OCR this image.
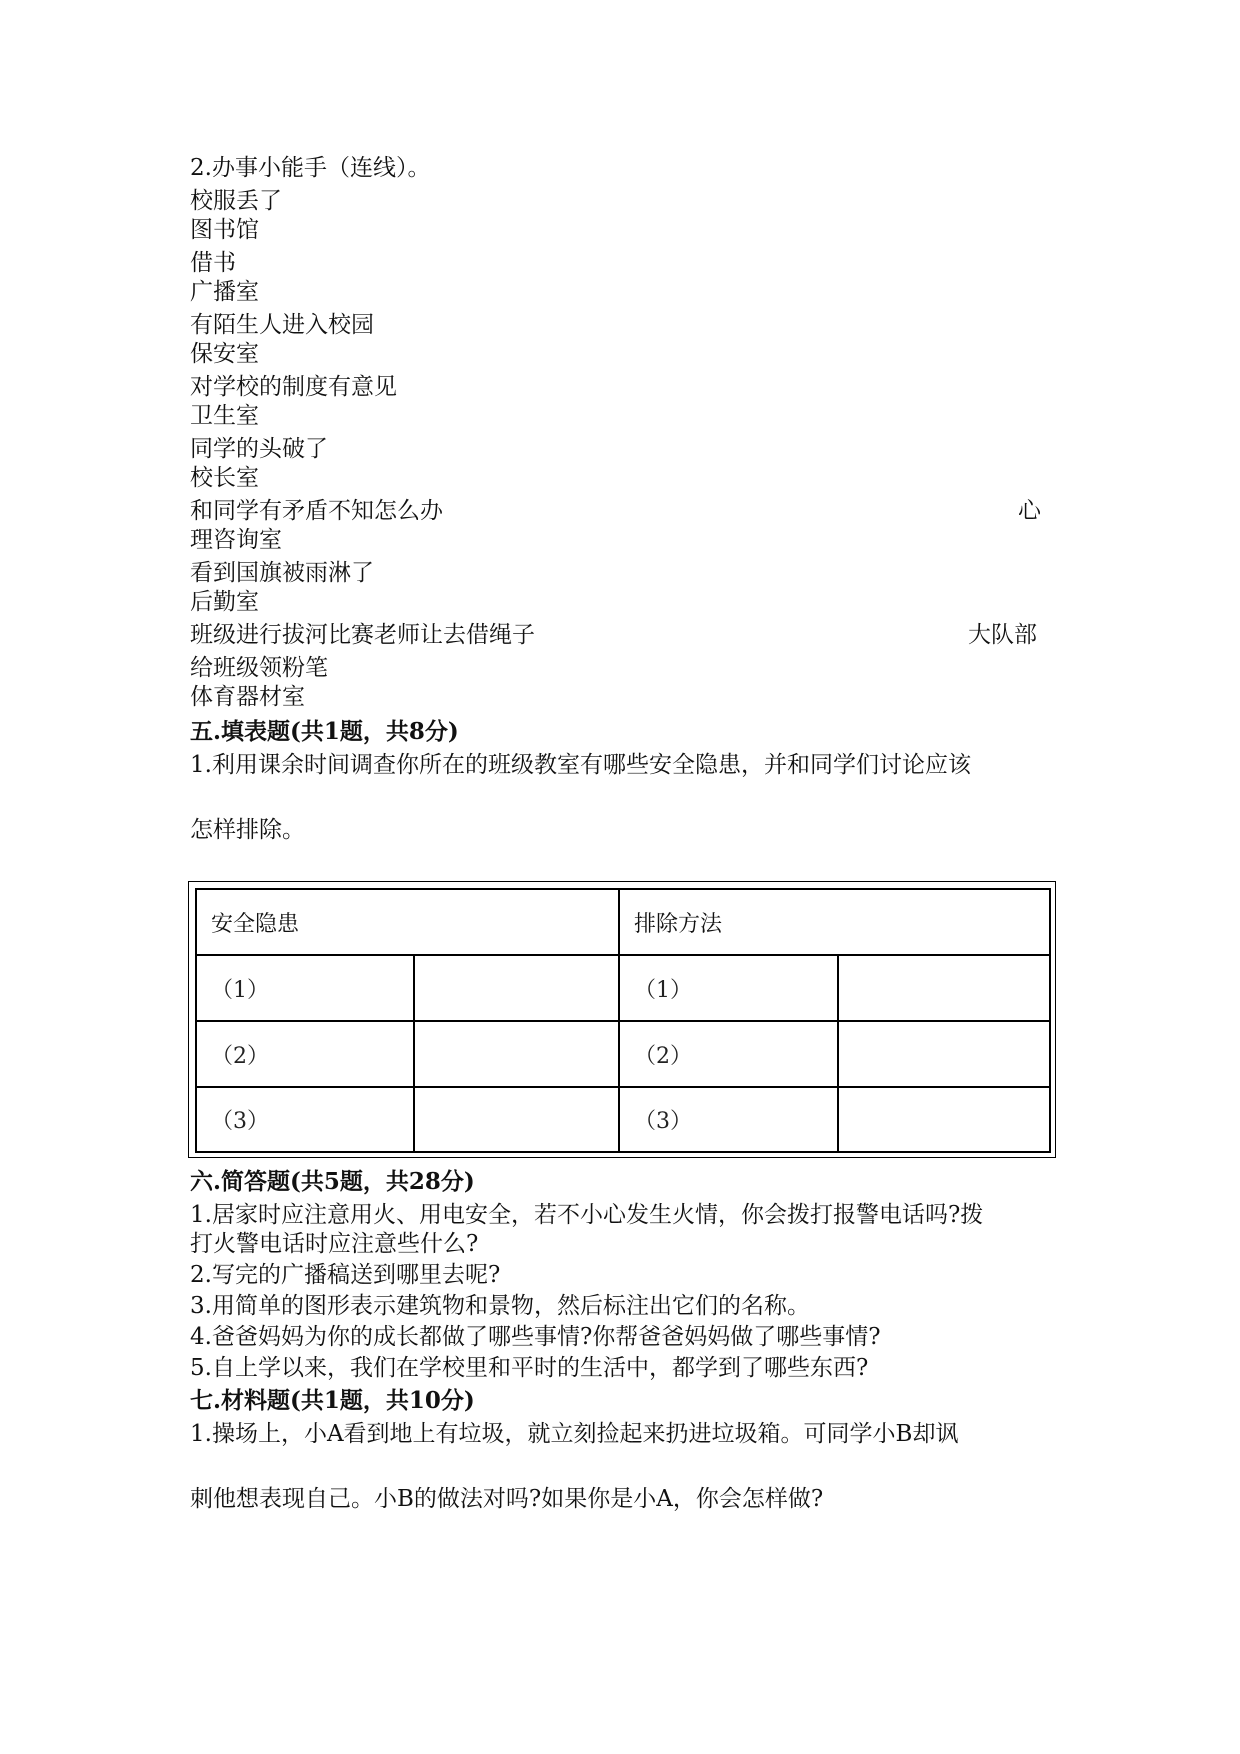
2.办事小能手（连线）。
校服丢了
图书馆
借书
广播室
有陌生人进入校园
保安室
对学校的制度有意见
卫生室
同学的头破了
校长室
和同学有矛盾不知怎么办	心
理咨询室
看到国旗被雨淋了
后勤室
班级进行拔河比赛老师让去借绳子	大队部
给班级领粉笔
体育器材室
五.填表题(共1题，共8分)
1.利用课余时间调查你所在的班级教室有哪些安全隐患，并和同学们讨论应该
怎样排除。
安全隐患		排除方法	
（1）		（1）	
（2）		（2）	
（3）		（3）	
六.简答题(共5题，共28分)
1.居家时应注意用火、用电安全，若不小心发生火情，你会拨打报警电话吗?拨
打火警电话时应注意些什么?
2.写完的广播稿送到哪里去呢?
3.用简单的图形表示建筑物和景物，然后标注出它们的名称。
4.爸爸妈妈为你的成长都做了哪些事情?你帮爸爸妈妈做了哪些事情?
5.自上学以来，我们在学校里和平时的生活中，都学到了哪些东西?
七.材料题(共1题，共10分)
1.操场上，小A看到地上有垃圾，就立刻捡起来扔进垃圾箱。可同学小B却讽
刺他想表现自己。小B的做法对吗?如果你是小A，你会怎样做?
